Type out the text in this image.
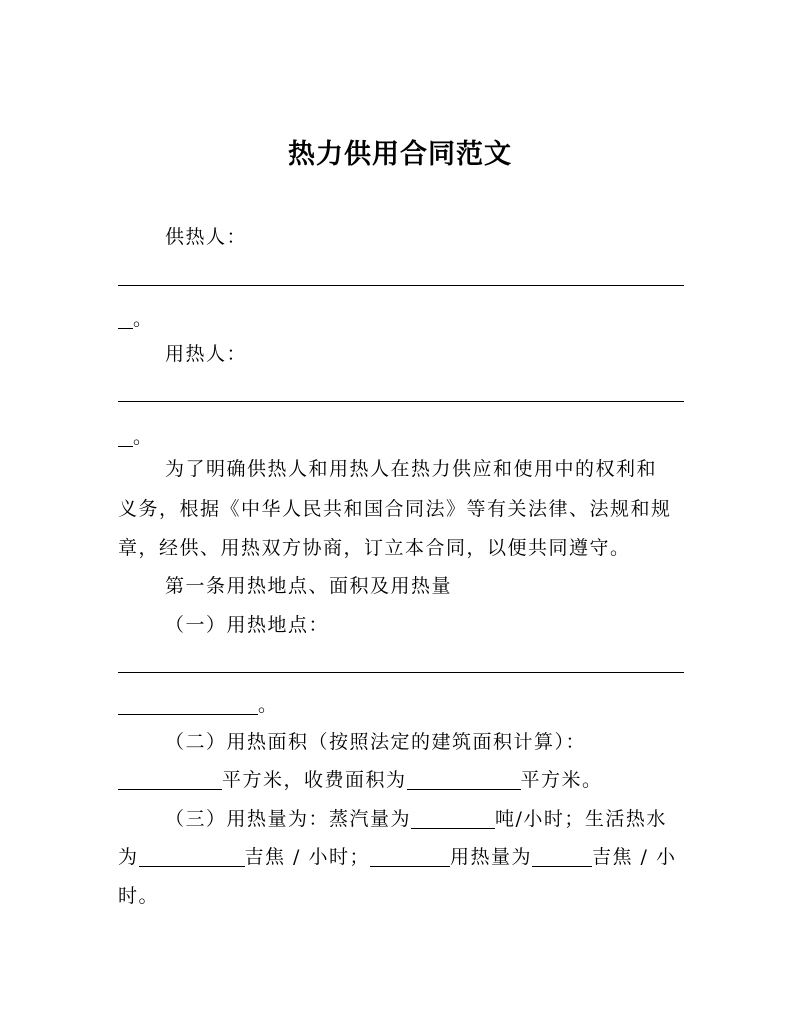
热力供用合同范文
供热人：
。
用热人：
。
为了明确供热人和用热人在热力供应和使用中的权利和
义务，根据《中华人民共和国合同法》等有关法律、法规和规
章，经供、用热双方协商，订立本合同，以便共同遵守。
第一条用热地点、面积及用热量
（一）用热地点：
。
（二）用热面积（按照法定的建筑面积计算）：
平方米，收费面积为	平方米。
（三）用热量为：蒸汽量为	吨/小时；生活热水
为	吉焦 / 小时；	用热量为	吉焦 / 小
时。
